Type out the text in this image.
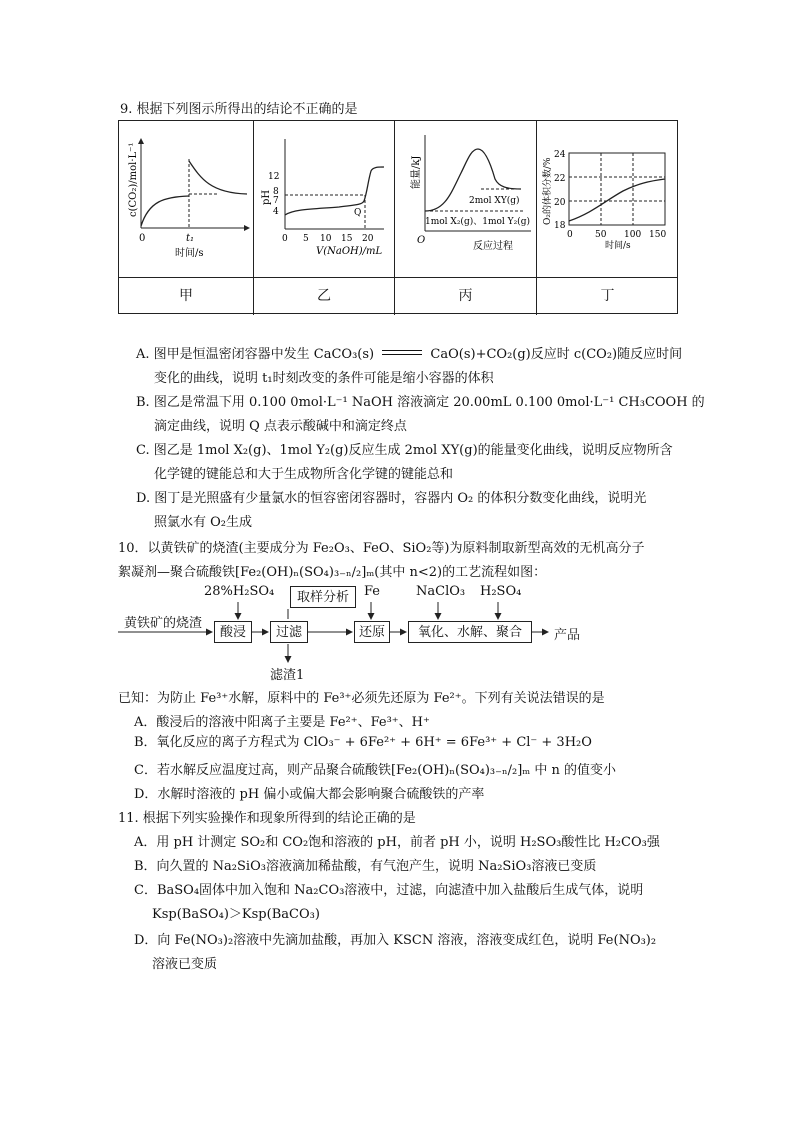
9. 根据下列图示所得出的结论不正确的是
0	t₁
时间/s
c(CO₂)/mol·L⁻¹	12
8
7
4
pH
0 5 10 15 20
V(NaOH)/mL
Q
2mol XY(g)
1mol X₂(g)、1mol Y₂(g)
O
反应过程
能量/kJ
24
22
20
18
0 50 100 150
时间/s
O₂的体积分数/%
甲	乙	丙	丁
A. 图甲是恒温密闭容器中发生 CaCO₃(s)	CaO(s)+CO₂(g)反应时 c(CO₂)随反应时间
变化的曲线，说明 t₁时刻改变的条件可能是缩小容器的体积
B. 图乙是常温下用 0.100 0mol·L⁻¹ NaOH 溶液滴定 20.00mL 0.100 0mol·L⁻¹ CH₃COOH 的
滴定曲线，说明 Q 点表示酸碱中和滴定终点
C. 图乙是 1mol X₂(g)、1mol Y₂(g)反应生成 2mol XY(g)的能量变化曲线，说明反应物所含
化学键的键能总和大于生成物所含化学键的键能总和
D. 图丁是光照盛有少量氯水的恒容密闭容器时，容器内 O₂ 的体积分数变化曲线，说明光
照氯水有 O₂生成
10．以黄铁矿的烧渣(主要成分为 Fe₂O₃、FeO、SiO₂等)为原料制取新型高效的无机高分子
絮凝剂—聚合硫酸铁[Fe₂(OH)ₙ(SO₄)₃₋ₙ/₂]ₘ(其中 n<2)的工艺流程如图：
28%H₂SO₄	取样分析	Fe	NaClO₃ H₂SO₄
黄铁矿的烧渣
酸浸	过滤	还原	氧化、水解、聚合	产品
滤渣1
已知：为防止 Fe³⁺水解，原料中的 Fe³⁺必须先还原为 Fe²⁺。下列有关说法错误的是
A．酸浸后的溶液中阳离子主要是 Fe²⁺、Fe³⁺、H⁺
B．氧化反应的离子方程式为 ClO₃⁻ + 6Fe²⁺ + 6H⁺ = 6Fe³⁺ + Cl⁻ + 3H₂O
C．若水解反应温度过高，则产品聚合硫酸铁[Fe₂(OH)ₙ(SO₄)₃₋ₙ/₂]ₘ 中 n 的值变小
D．水解时溶液的 pH 偏小或偏大都会影响聚合硫酸铁的产率
11. 根据下列实验操作和现象所得到的结论正确的是
A．用 pH 计测定 SO₂和 CO₂饱和溶液的 pH，前者 pH 小，说明 H₂SO₃酸性比 H₂CO₃强
B．向久置的 Na₂SiO₃溶液滴加稀盐酸，有气泡产生，说明 Na₂SiO₃溶液已变质
C．BaSO₄固体中加入饱和 Na₂CO₃溶液中，过滤，向滤渣中加入盐酸后生成气体，说明
Ksp(BaSO₄)＞Ksp(BaCO₃)
D．向 Fe(NO₃)₂溶液中先滴加盐酸，再加入 KSCN 溶液，溶液变成红色，说明 Fe(NO₃)₂
溶液已变质
